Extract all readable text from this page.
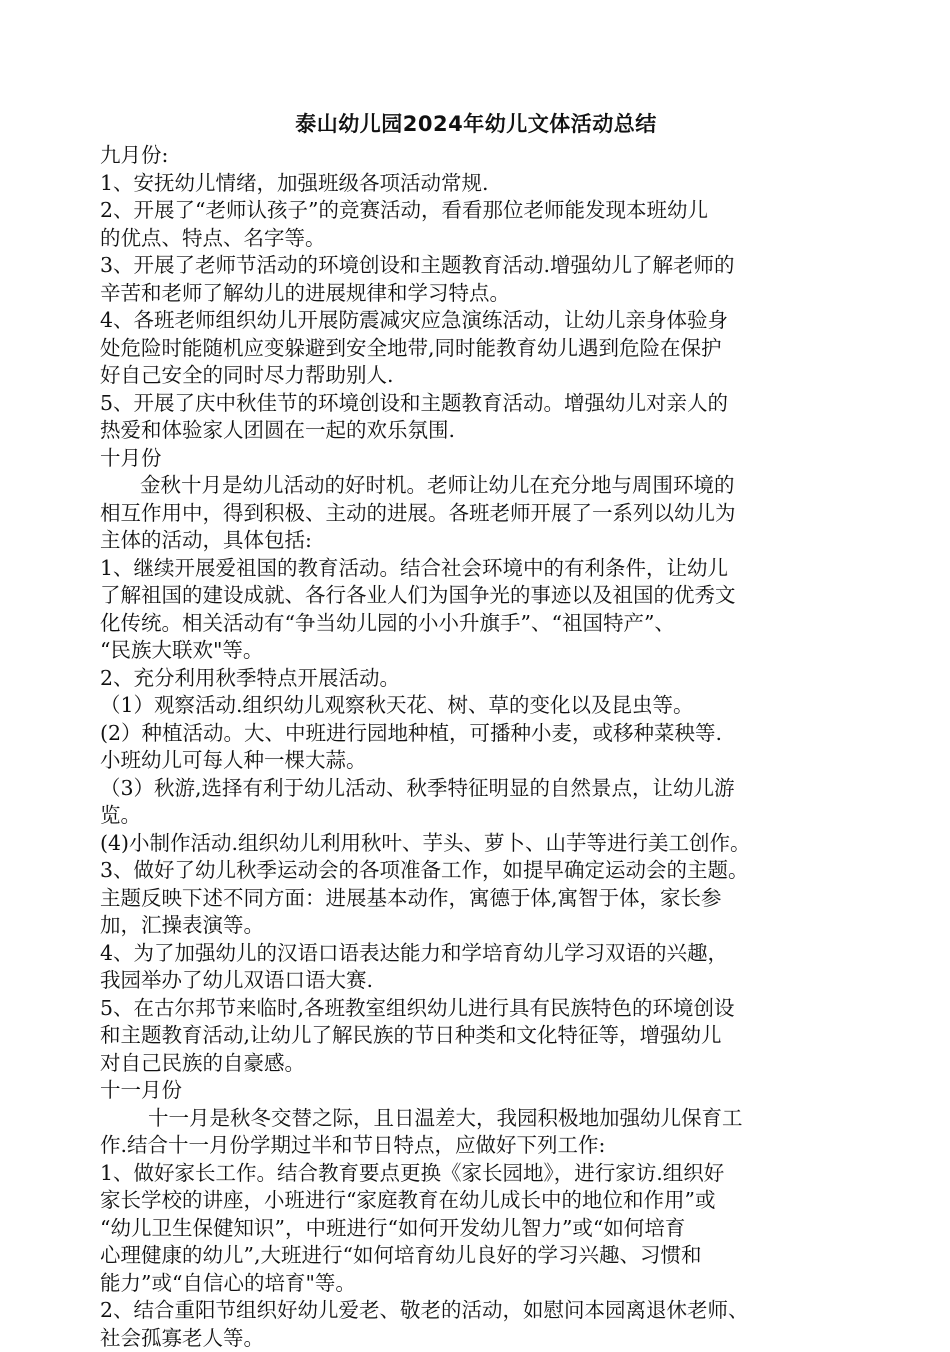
泰山幼儿园2024年幼儿文体活动总结
九月份:
1、安抚幼儿情绪，加强班级各项活动常规.
2、开展了“老师认孩子”的竞赛活动，看看那位老师能发现本班幼儿
的优点、特点、名字等。
3、开展了老师节活动的环境创设和主题教育活动.增强幼儿了解老师的
辛苦和老师了解幼儿的进展规律和学习特点。
4、各班老师组织幼儿开展防震减灾应急演练活动，让幼儿亲身体验身
处危险时能随机应变躲避到安全地带,同时能教育幼儿遇到危险在保护
好自己安全的同时尽力帮助别人.
5、开展了庆中秋佳节的环境创设和主题教育活动。增强幼儿对亲人的
热爱和体验家人团圆在一起的欢乐氛围.
十月份
金秋十月是幼儿活动的好时机。老师让幼儿在充分地与周围环境的
相互作用中，得到积极、主动的进展。各班老师开展了一系列以幼儿为
主体的活动，具体包括:
1、继续开展爱祖国的教育活动。结合社会环境中的有利条件，让幼儿
了解祖国的建设成就、各行各业人们为国争光的事迹以及祖国的优秀文
化传统。相关活动有“争当幼儿园的小小升旗手”、“祖国特产”、
“民族大联欢"等。
2、充分利用秋季特点开展活动。
（1）观察活动.组织幼儿观察秋天花、树、草的变化以及昆虫等。
(2）种植活动。大、中班进行园地种植，可播种小麦，或移种菜秧等.
小班幼儿可每人种一棵大蒜。
（3）秋游,选择有利于幼儿活动、秋季特征明显的自然景点，让幼儿游
览。
(4)小制作活动.组织幼儿利用秋叶、芋头、萝卜、山芋等进行美工创作。
3、做好了幼儿秋季运动会的各项准备工作，如提早确定运动会的主题。
主题反映下述不同方面：进展基本动作，寓德于体,寓智于体，家长参
加，汇操表演等。
4、为了加强幼儿的汉语口语表达能力和学培育幼儿学习双语的兴趣，
我园举办了幼儿双语口语大赛.
5、在古尔邦节来临时,各班教室组织幼儿进行具有民族特色的环境创设
和主题教育活动,让幼儿了解民族的节日种类和文化特征等，增强幼儿
对自己民族的自豪感。
十一月份
十一月是秋冬交替之际，且日温差大，我园积极地加强幼儿保育工
作.结合十一月份学期过半和节日特点，应做好下列工作:
1、做好家长工作。结合教育要点更换《家长园地》，进行家访.组织好
家长学校的讲座，小班进行“家庭教育在幼儿成长中的地位和作用”或
“幼儿卫生保健知识”，中班进行“如何开发幼儿智力”或“如何培育
心理健康的幼儿”,大班进行“如何培育幼儿良好的学习兴趣、习惯和
能力”或“自信心的培育"等。
2、结合重阳节组织好幼儿爱老、敬老的活动，如慰问本园离退休老师、
社会孤寡老人等。
